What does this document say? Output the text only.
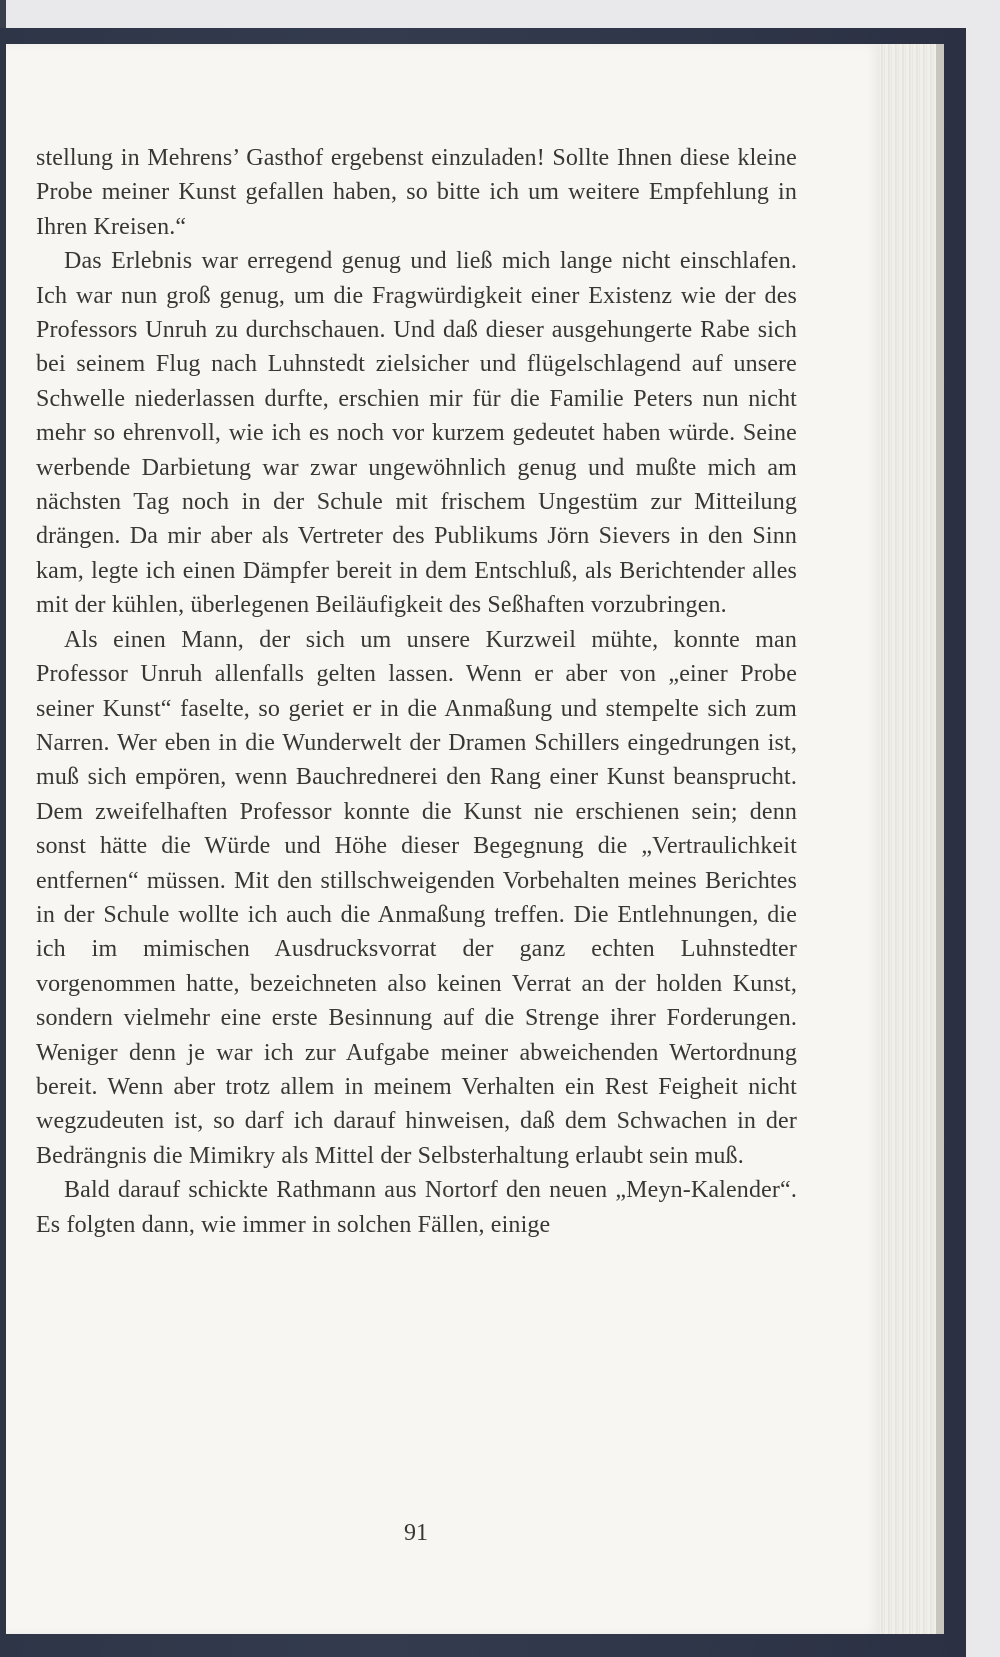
stellung in Mehrens’ Gasthof ergebenst einzuladen! Sollte Ihnen diese kleine Probe meiner Kunst gefallen haben, so bitte ich um weitere Empfehlung in Ihren Kreisen.“

Das Erlebnis war erregend genug und ließ mich lange nicht einschlafen. Ich war nun groß genug, um die Fragwürdigkeit einer Existenz wie der des Professors Unruh zu durchschauen. Und daß dieser ausgehungerte Rabe sich bei seinem Flug nach Luhnstedt zielsicher und flügelschlagend auf unsere Schwelle niederlassen durfte, erschien mir für die Familie Peters nun nicht mehr so ehrenvoll, wie ich es noch vor kurzem gedeutet haben würde. Seine werbende Darbietung war zwar ungewöhnlich genug und mußte mich am nächsten Tag noch in der Schule mit frischem Ungestüm zur Mitteilung drängen. Da mir aber als Vertreter des Publikums Jörn Sievers in den Sinn kam, legte ich einen Dämpfer bereit in dem Entschluß, als Berichtender alles mit der kühlen, überlegenen Beiläufigkeit des Seßhaften vorzubringen.

Als einen Mann, der sich um unsere Kurzweil mühte, konnte man Professor Unruh allenfalls gelten lassen. Wenn er aber von „einer Probe seiner Kunst“ faselte, so geriet er in die Anmaßung und stempelte sich zum Narren. Wer eben in die Wunderwelt der Dramen Schillers eingedrungen ist, muß sich empören, wenn Bauchrednerei den Rang einer Kunst beansprucht. Dem zweifelhaften Professor konnte die Kunst nie erschienen sein; denn sonst hätte die Würde und Höhe dieser Begegnung die „Vertraulichkeit entfernen“ müssen. Mit den stillschweigenden Vorbehalten meines Berichtes in der Schule wollte ich auch die Anmaßung treffen. Die Entlehnungen, die ich im mimischen Ausdrucksvorrat der ganz echten Luhnstedter vorgenommen hatte, bezeichneten also keinen Verrat an der holden Kunst, sondern vielmehr eine erste Besinnung auf die Strenge ihrer Forderungen. Weniger denn je war ich zur Aufgabe meiner abweichenden Wertordnung bereit. Wenn aber trotz allem in meinem Verhalten ein Rest Feigheit nicht wegzudeuten ist, so darf ich darauf hinweisen, daß dem Schwachen in der Bedrängnis die Mimikry als Mittel der Selbsterhaltung erlaubt sein muß.

Bald darauf schickte Rathmann aus Nortorf den neuen „Meyn-Kalender“. Es folgten dann, wie immer in solchen Fällen, einige

91
